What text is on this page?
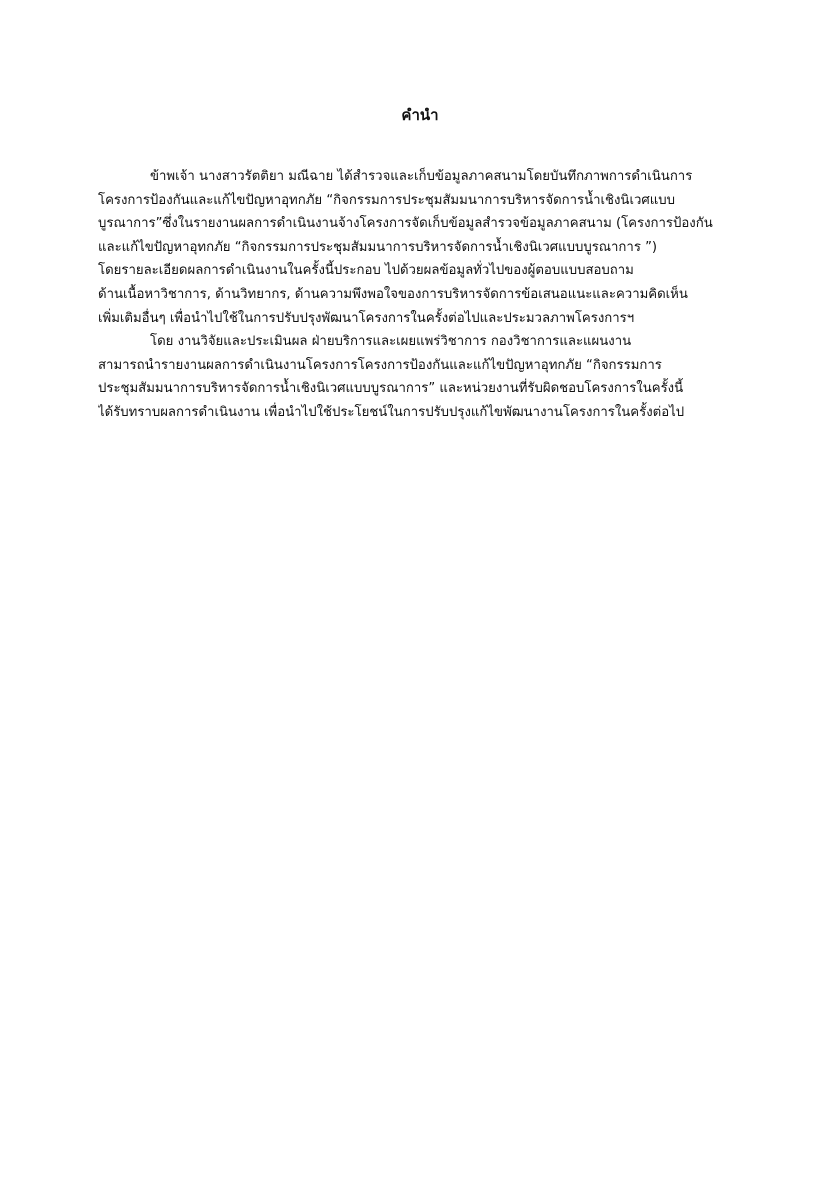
คำนำ
ข้าพเจ้า นางสาวรัตติยา มณีฉาย ได้สำรวจและเก็บข้อมูลภาคสนามโดยบันทึกภาพการดำเนินการ
โครงการป้องกันและแก้ไขปัญหาอุทกภัย “กิจกรรมการประชุมสัมมนาการบริหารจัดการน้ำเชิงนิเวศแบบ
บูรณาการ”ซึ่งในรายงานผลการดำเนินงานจ้างโครงการจัดเก็บข้อมูลสำรวจข้อมูลภาคสนาม (โครงการป้องกัน
และแก้ไขปัญหาอุทกภัย “กิจกรรมการประชุมสัมมนาการบริหารจัดการน้ำเชิงนิเวศแบบบูรณาการ ”)
โดยรายละเอียดผลการดำเนินงานในครั้งนี้ประกอบ ไปด้วยผลข้อมูลทั่วไปของผู้ตอบแบบสอบถาม
ด้านเนื้อหาวิชาการ, ด้านวิทยากร, ด้านความพึงพอใจของการบริหารจัดการข้อเสนอแนะและความคิดเห็น
เพิ่มเติมอื่นๆ เพื่อนำไปใช้ในการปรับปรุงพัฒนาโครงการในครั้งต่อไปและประมวลภาพโครงการฯ
โดย งานวิจัยและประเมินผล ฝ่ายบริการและเผยแพร่วิชาการ กองวิชาการและแผนงาน
สามารถนำรายงานผลการดำเนินงานโครงการโครงการป้องกันและแก้ไขปัญหาอุทกภัย “กิจกรรมการ
ประชุมสัมมนาการบริหารจัดการน้ำเชิงนิเวศแบบบูรณาการ” และหน่วยงานที่รับผิดชอบโครงการในครั้งนี้
ได้รับทราบผลการดำเนินงาน เพื่อนำไปใช้ประโยชน์ในการปรับปรุงแก้ไขพัฒนางานโครงการในครั้งต่อไป
